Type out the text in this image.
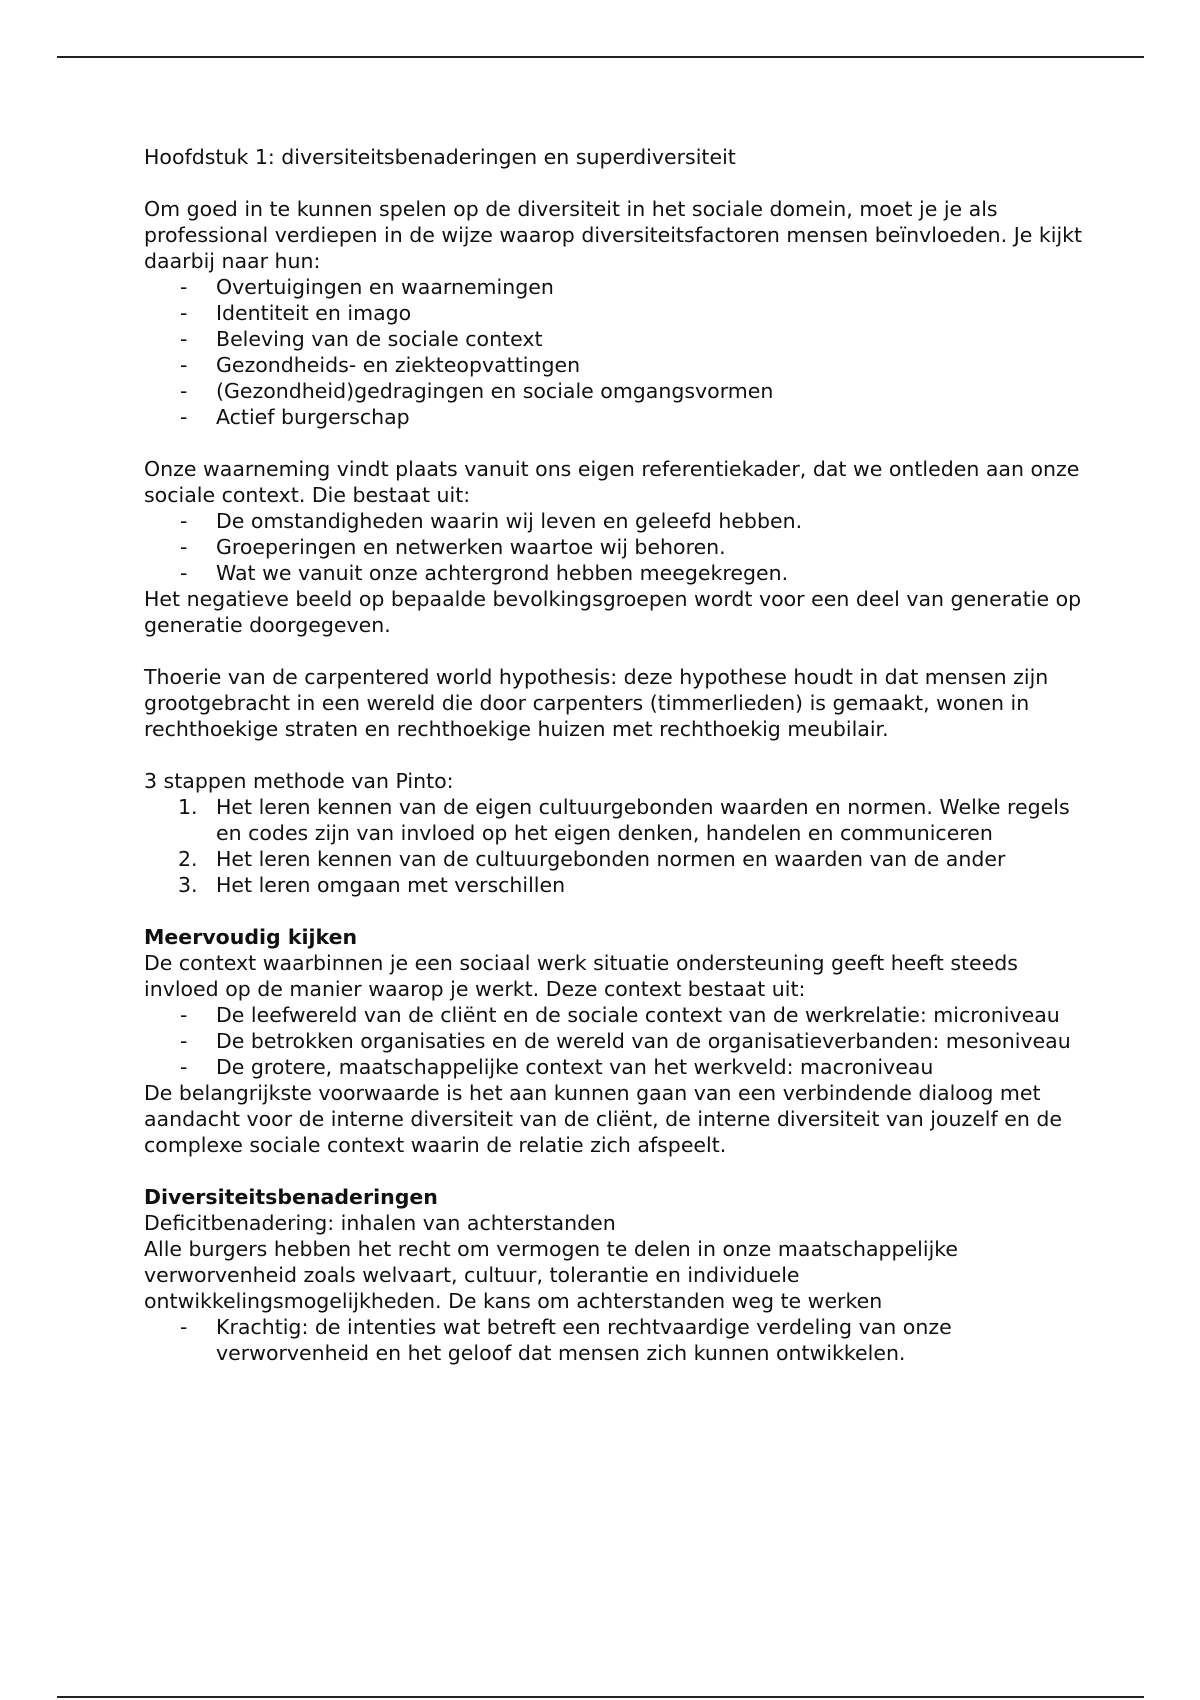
Hoofdstuk 1: diversiteitsbenaderingen en superdiversiteit

Om goed in te kunnen spelen op de diversiteit in het sociale domein, moet je je als professional verdiepen in de wijze waarop diversiteitsfactoren mensen beïnvloeden. Je kijkt daarbij naar hun:

-	Overtuigingen en waarnemingen
-	Identiteit en imago
-	Beleving van de sociale context
-	Gezondheids- en ziekteopvattingen
-	(Gezondheid)gedragingen en sociale omgangsvormen
-	Actief burgerschap

Onze waarneming vindt plaats vanuit ons eigen referentiekader, dat we ontleden aan onze sociale context. Die bestaat uit:

-	De omstandigheden waarin wij leven en geleefd hebben.
-	Groeperingen en netwerken waartoe wij behoren.
-	Wat we vanuit onze achtergrond hebben meegekregen.

Het negatieve beeld op bepaalde bevolkingsgroepen wordt voor een deel van generatie op generatie doorgegeven.

Thoerie van de carpentered world hypothesis: deze hypothese houdt in dat mensen zijn grootgebracht in een wereld die door carpenters (timmerlieden) is gemaakt, wonen in rechthoekige straten en rechthoekige huizen met rechthoekig meubilair.

3 stappen methode van Pinto:

1. Het leren kennen van de eigen cultuurgebonden waarden en normen. Welke regels en codes zijn van invloed op het eigen denken, handelen en communiceren
2. Het leren kennen van de cultuurgebonden normen en waarden van de ander
3. Het leren omgaan met verschillen
Meervoudig kijken

De context waarbinnen je een sociaal werk situatie ondersteuning geeft heeft steeds invloed op de manier waarop je werkt. Deze context bestaat uit:

-	De leefwereld van de cliënt en de sociale context van de werkrelatie: microniveau
-	De betrokken organisaties en de wereld van de organisatieverbanden: mesoniveau
-	De grotere, maatschappelijke context van het werkveld: macroniveau

De belangrijkste voorwaarde is het aan kunnen gaan van een verbindende dialoog met aandacht voor de interne diversiteit van de cliënt, de interne diversiteit van jouzelf en de complexe sociale context waarin de relatie zich afspeelt.

Diversiteitsbenaderingen

Deficitbenadering: inhalen van achterstanden

Alle burgers hebben het recht om vermogen te delen in onze maatschappelijke verworvenheid zoals welvaart, cultuur, tolerantie en individuele ontwikkelingsmogelijkheden. De kans om achterstanden weg te werken

-	Krachtig: de intenties wat betreft een rechtvaardige verdeling van onze verworvenheid en het geloof dat mensen zich kunnen ontwikkelen.
